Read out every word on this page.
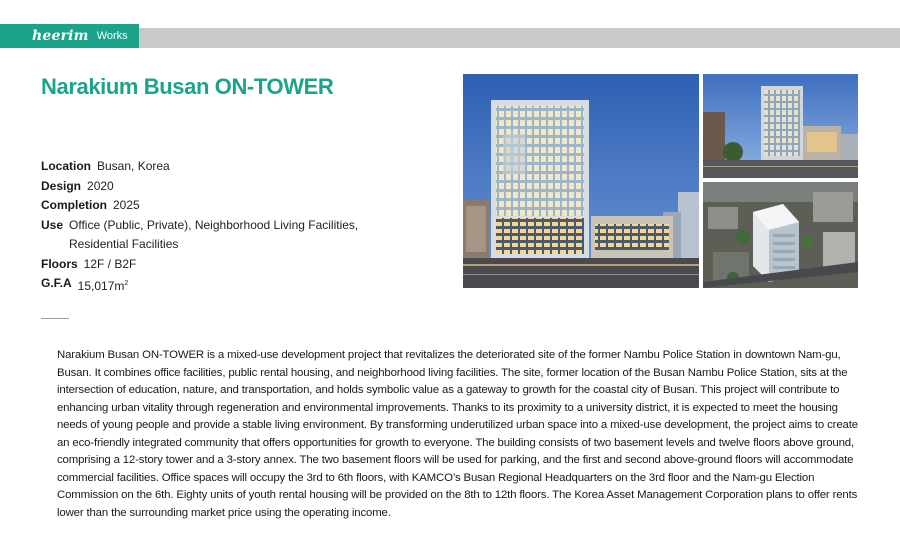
heerim Works
Narakium Busan ON-TOWER
Location Busan, Korea
Design 2020
Completion 2025
Use Office (Public, Private), Neighborhood Living Facilities, Residential Facilities
Floors 12F / B2F
G.F.A $15,017m^2$
Narakium Busan ON-TOWER is a mixed-use development project that revitalizes the deteriorated site of the former Nambu Police Station in downtown Nam-gu, Busan. It combines office facilities, public rental housing, and neighborhood living facilities. The site, former location of the Busan Nambu Police Station, sits at the intersection of education, nature, and transportation, and holds symbolic value as a gateway to growth for the coastal city of Busan. This project will contribute to enhancing urban vitality through regeneration and environmental improvements. Thanks to its proximity to a university district, it is expected to meet the housing needs of young people and provide a stable living environment. By transforming underutilized urban space into a mixed-use development, the project aims to create an eco-friendly integrated community that offers opportunities for growth to everyone. The building consists of two basement levels and twelve floors above ground, comprising a 12-story tower and a 3-story annex. The two basement floors will be used for parking, and the first and second above-ground floors will accommodate commercial facilities. Office spaces will occupy the 3rd to 6th floors, with KAMCO’s Busan Regional Headquarters on the 3rd floor and the Nam-gu Election Commission on the 6th. Eighty units of youth rental housing will be provided on the 8th to 12th floors. The Korea Asset Management Corporation plans to offer rents lower than the surrounding market price using the operating income.
